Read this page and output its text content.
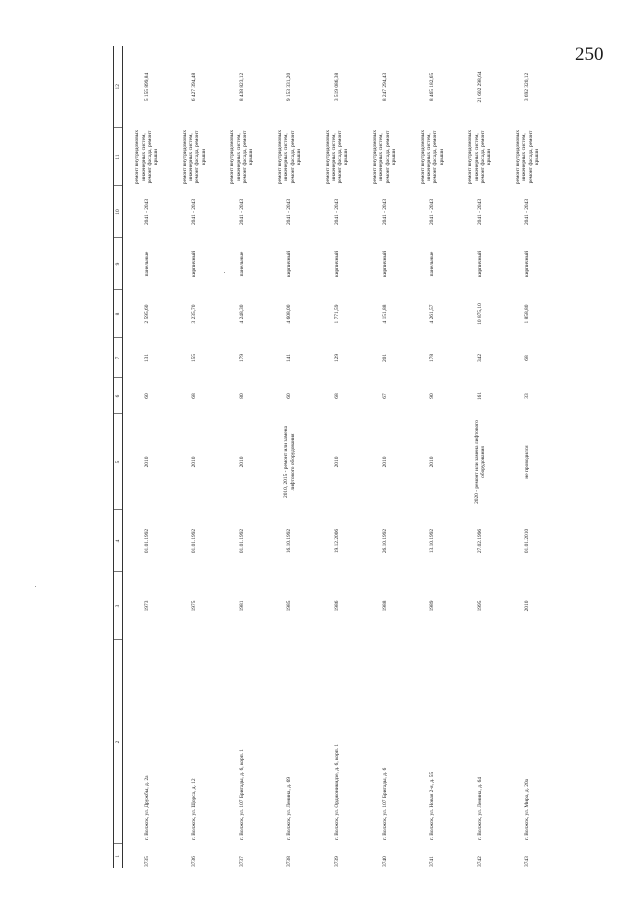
250
1	2	3	4	5	6	7	8	9	10	11	12
3735	г. Волжск, ул. Дружбы, д. 2а	1973	01.01.1992	2010	60	131	2 595,60	панельные	2041 - 2043	ремонт внутридомовых инженерных систем, ремонт фасада, ремонт крыши	5 155 899,84
3736	г. Волжск, ул. Щорса, д. 12	1975	01.01.1992	2010	68	155	3 235,70	кирпичный	2041 - 2043	ремонт внутридомовых инженерных систем, ремонт фасада, ремонт крыши	6 427 394,48
3737	г. Волжск, ул. 107 Бригады, д. 6, корп. 1	1981	01.01.1992	2010	80	179	4 248,30	панельные	2041 - 2043	ремонт внутридомовых инженерных систем, ремонт фасада, ремонт крыши	8 438 823,12
3738	г. Волжск, ул. Ленина, д. 69	1985	16.10.1992	2010, 2015 - ремонт или замена лифтового оборудования	60	141	4 608,00	кирпичный	2041 - 2043	ремонт внутридомовых инженерных систем, ремонт фасада, ремонт крыши	9 153 331,20
3739	г. Волжск, ул. Орджоникидзе, д. 6, корп. 1	1986	19.12.2006	2010	68	129	1 771,59	кирпичный	2041 - 2043	ремонт внутридомовых инженерных систем, ремонт фасада, ремонт крыши	3 519 086,38
3740	г. Волжск, ул. 107 Бригады, д. 6	1988	26.10.1992	2010	67	201	4 151,88	кирпичный	2041 - 2043	ремонт внутридомовых инженерных систем, ремонт фасада, ремонт крыши	8 247 294,43
3741	г. Волжск, ул. Новая 2-я, д. 55	1989	13.10.1992	2010	90	178	4 261,57	панельные	2041 - 2043	ремонт внутридомовых инженерных систем, ремонт фасада, ремонт крыши	8 465 182,65
3742	г. Волжск, ул. Ленина, д. 64	1995	27.02.1996	2020 - ремонт или замена лифтового оборудования	161	342	10 875,10	кирпичный	2041 - 2043	ремонт внутридомовых инженерных систем, ремонт фасада, ремонт крыши	21 602 298,64
3743	г. Волжск, ул. Мира, д. 20а	2010	01.01.2010	не проводился	33	68	1 858,80	кирпичный	2041 - 2043	ремонт внутридомовых инженерных систем, ремонт фасада, ремонт крыши	3 692 320,12
